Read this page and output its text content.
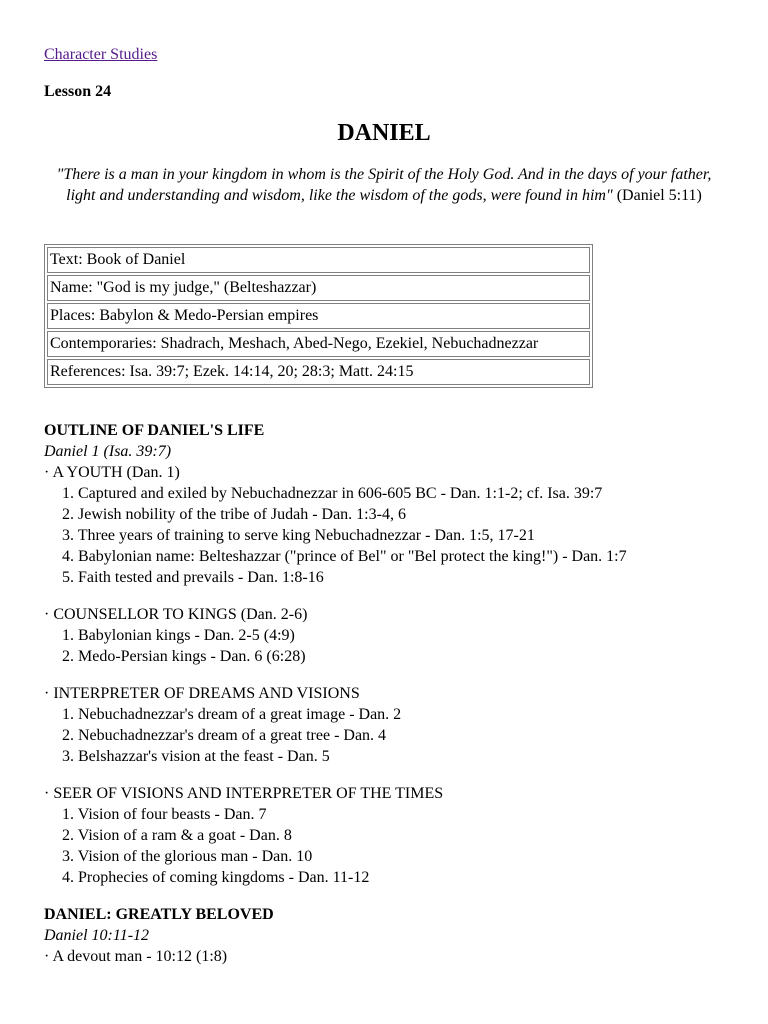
Character Studies
Lesson 24
DANIEL
"There is a man in your kingdom in whom is the Spirit of the Holy God. And in the days of your father, light and understanding and wisdom, like the wisdom of the gods, were found in him" (Daniel 5:11)
Text: Book of Daniel
Name: "God is my judge," (Belteshazzar)
Places: Babylon & Medo-Persian empires
Contemporaries: Shadrach, Meshach, Abed-Nego, Ezekiel, Nebuchadnezzar
References: Isa. 39:7; Ezek. 14:14, 20; 28:3; Matt. 24:15
OUTLINE OF DANIEL'S LIFE
Daniel 1 (Isa. 39:7)
· A YOUTH (Dan. 1)
1. Captured and exiled by Nebuchadnezzar in 606-605 BC - Dan. 1:1-2; cf. Isa. 39:7
2. Jewish nobility of the tribe of Judah - Dan. 1:3-4, 6
3. Three years of training to serve king Nebuchadnezzar - Dan. 1:5, 17-21
4. Babylonian name: Belteshazzar ("prince of Bel" or "Bel protect the king!") - Dan. 1:7
5. Faith tested and prevails - Dan. 1:8-16
· COUNSELLOR TO KINGS (Dan. 2-6)
1. Babylonian kings - Dan. 2-5 (4:9)
2. Medo-Persian kings - Dan. 6 (6:28)
· INTERPRETER OF DREAMS AND VISIONS
1. Nebuchadnezzar's dream of a great image - Dan. 2
2. Nebuchadnezzar's dream of a great tree - Dan. 4
3. Belshazzar's vision at the feast - Dan. 5
· SEER OF VISIONS AND INTERPRETER OF THE TIMES
1. Vision of four beasts - Dan. 7
2. Vision of a ram & a goat - Dan. 8
3. Vision of the glorious man - Dan. 10
4. Prophecies of coming kingdoms - Dan. 11-12
DANIEL: GREATLY BELOVED
Daniel 10:11-12
· A devout man - 10:12 (1:8)
